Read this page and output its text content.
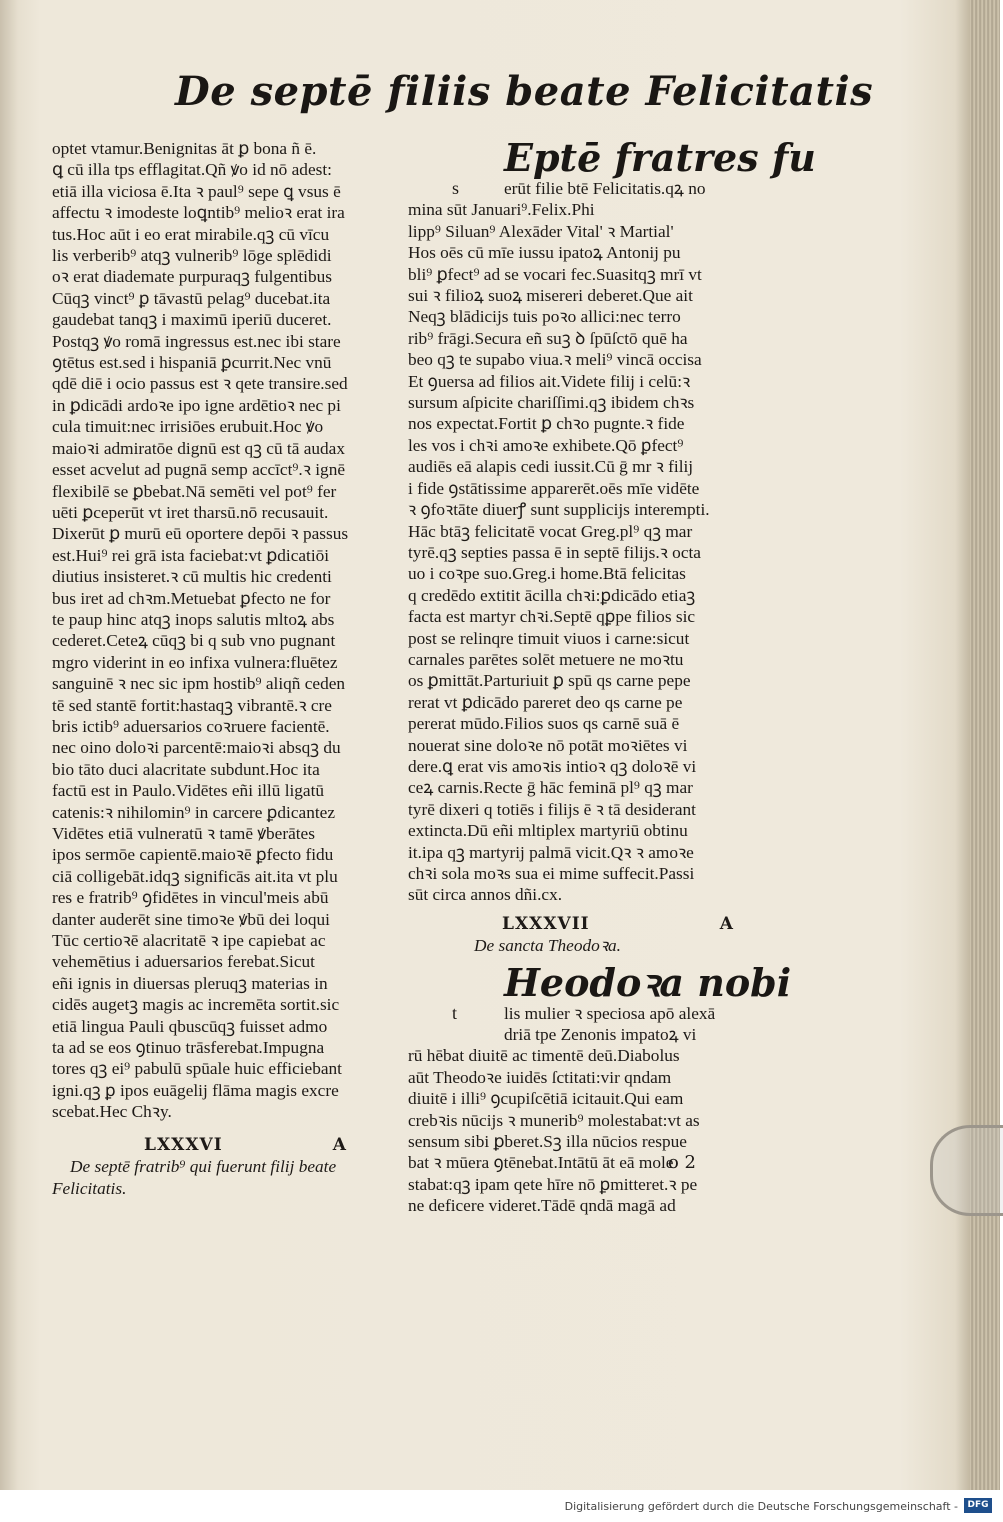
De septē filiis beate Felicitatis

optet vtamur.Benignitas āt ꝑ bona ñ ē.

ꝗ cū illa tps efflagitat.Qñ ꝟo id nō adest:

etiā illa viciosa ē.Ita ꝛ paul⁹ sepe ꝗ vsus ē

affectu ꝛ imodeste loꝗntib⁹ melioꝛ erat ira

tus.Hoc aūt i eo erat mirabile.qꝫ cū vīcu

lis verberib⁹ atqꝫ vulnerib⁹ lōge splēdidi

oꝛ erat diademate purpuraqꝫ fulgentibus

Cūqꝫ vinct⁹ ꝑ tāvastū pelag⁹ ducebat.ita

gaudebat tanqꝫ i maximū iperiū duceret.

Postqꝫ ꝟo romā ingressus est.nec ibi stare

ꝯtētus est.sed i hispaniā ꝑcurrit.Nec vnū

qdē diē i ocio passus est ꝛ qete transire.sed

in ꝑdicādi ardoꝛe ipo igne ardētioꝛ nec pi

cula timuit:nec irrisiōes erubuit.Hoc ꝟo

maioꝛi admiratōe dignū est qꝫ cū tā audax

esset acvelut ad pugnā semp accīct⁹.ꝛ ignē

flexibilē se ꝑbebat.Nā semēti vel pot⁹ fer

uēti ꝑceperūt vt iret tharsū.nō recusauit.

Dixerūt ꝑ murū eū oportere depōi ꝛ passus

est.Hui⁹ rei grā ista faciebat:vt ꝑdicatiōi

diutius insisteret.ꝛ cū multis hic credenti

bus iret ad chꝛm.Metuebat ꝑfecto ne for

te paup hinc atqꝫ inops salutis mltoꝝ abs

cederet.Ceteꝝ cūqꝫ bi q sub vno pugnant

mgro viderint in eo infixa vulnera:fluētez

sanguinē ꝛ nec sic ipm hostib⁹ aliqñ ceden

tē sed stantē fortit:hastaqꝫ vibrantē.ꝛ cre

bris ictib⁹ aduersarios coꝛruere facientē.

nec oino doloꝛi parcentē:maioꝛi absqꝫ du

bio tāto duci alacritate subdunt.Hoc ita

factū est in Paulo.Vidētes eñi illū ligatū

catenis:ꝛ nihilomin⁹ in carcere ꝑdicantez

Vidētes etiā vulneratū ꝛ tamē ꝟberātes

ipos sermōe capientē.maioꝛē ꝑfecto fidu

ciā colligebāt.idqꝫ significās ait.ita vt plu

res e fratrib⁹ ꝯfidētes in vincul'meis abū

danter auderēt sine timoꝛe ꝟbū dei loqui

Tūc certioꝛē alacritatē ꝛ ipe capiebat ac

vehemētius i aduersarios ferebat.Sicut

eñi ignis in diuersas pleruqꝫ materias in

cidēs augetꝫ magis ac incremēta sortit.sic

etiā lingua Pauli qbuscūqꝫ fuisset admo

ta ad se eos ꝯtinuo trāsferebat.Impugna

tores qꝫ ei⁹ pabulū spūale huic efficiebant

igni.qꝫ ꝑ ipos euāgelij flāma magis excre

scebat.Hec Chꝛy.

LXXXVI	A

De septē fratrib⁹ qui fuerunt filij beate

Felicitatis.

Eptē fratres fu

s	erūt filie btē Felicitatis.qꝝ no

mina sūt Januari⁹.Felix.Phi

lipp⁹ Siluan⁹ Alexāder Vital' ꝛ Martial'

Hos oēs cū mīe iussu ipatoꝝ Antonij pu

bli⁹ ꝑfect⁹ ad se vocari fec.Suasitqꝫ mrī vt

sui ꝛ filioꝝ suoꝝ misereri deberet.Que ait

Neqꝫ blādicijs tuis poꝛo allici:nec terro

rib⁹ frāgi.Secura eñ suꝫ ꝺ ſpūſctō quē ha

beo qꝫ te supabo viua.ꝛ meli⁹ vincā occisa

Et ꝯuersa ad filios ait.Videte filij i celū:ꝛ

sursum aſpicite chariſſimi.qꝫ ibidem chꝛs

nos expectat.Fortit ꝑ chꝛo pugnte.ꝛ fide

les vos i chꝛi amoꝛe exhibete.Qō ꝑfect⁹

audiēs eā alapis cedi iussit.Cū ḡ mr ꝛ filij

i fide ꝯstātissime apparerēt.oēs mīe vidēte

ꝛ ꝯfoꝛtāte diuerꝭ sunt supplicijs interempti.

Hāc btāꝫ felicitatē vocat Greg.pl⁹ qꝫ mar

tyrē.qꝫ septies passa ē in septē filijs.ꝛ octa

uo i coꝛpe suo.Greg.i home.Btā felicitas

q credēdo extitit ācilla chꝛi:ꝑdicādo etiaꝫ

facta est martyr chꝛi.Septē qꝑpe filios sic

post se relinqre timuit viuos i carne:sicut

carnales parētes solēt metuere ne moꝛtu

os ꝑmittāt.Parturiuit ꝑ spū qs carne pepe

rerat vt ꝑdicādo pareret deo qs carne pe

pererat mūdo.Filios suos qs carnē suā ē

nouerat sine doloꝛe nō potāt moꝛiētes vi

dere.ꝗ erat vis amoꝛis intioꝛ qꝫ doloꝛē vi

ceꝝ carnis.Recte ḡ hāc feminā pl⁹ qꝫ mar

tyrē dixeri q totiēs i filijs ē ꝛ tā desiderant

extincta.Dū eñi mltiplex martyriū obtinu

it.ipa qꝫ martyrij palmā vicit.Qꝛ ꝛ amoꝛe

chꝛi sola moꝛs sua ei mime suffecit.Passi

sūt circa annos dñi.cx.

LXXXVII	A

De sancta Theodoꝛa.

Heodoꝛa nobi

t	lis mulier ꝛ speciosa apō alexā

driā tpe Zenonis impatoꝝ vi

rū hēbat diuitē ac timentē deū.Diabolus

aūt Theodoꝛe iuidēs ſctitati:vir qndam

diuitē i illi⁹ ꝯcupiſcētiā icitauit.Qui eam

crebꝛis nūcijs ꝛ munerib⁹ molestabat:vt as

sensum sibi ꝑberet.Sꝫ illa nūcios respue

bat ꝛ mūera ꝯtēnebat.Intātū āt eā mole

stabat:qꝫ ipam qete hīre nō ꝑmitteret.ꝛ pe

ne deficere videret.Tādē qndā magā ad

o 2
Digitalisierung gefördert durch die Deutsche Forschungsgemeinschaft -	DFG
